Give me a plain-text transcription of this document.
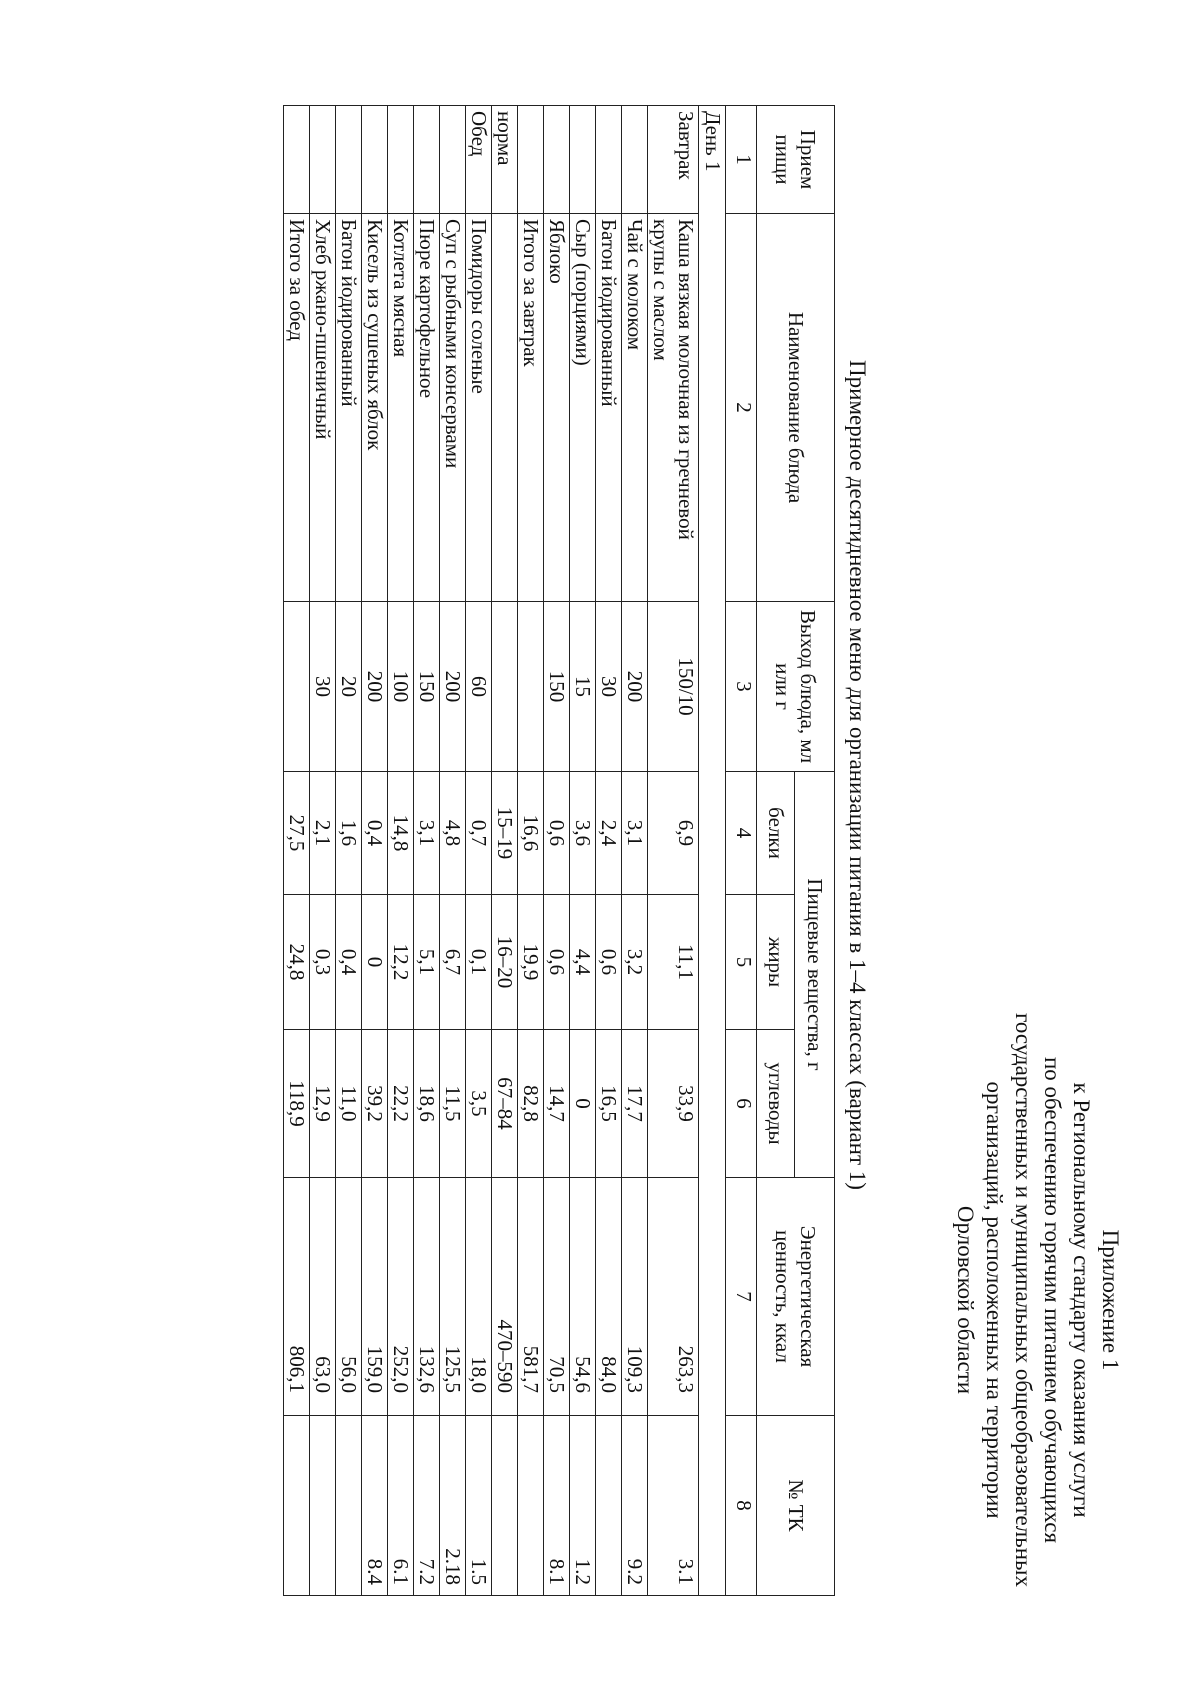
Приложение 1
к Региональному стандарту оказания услуги
по обеспечению горячим питанием обучающихся
государственных и муниципальных общеобразовательных
организаций, расположенных на территории
Орловской области
Примерное десятидневное меню для организации питания в 1–4 классах (вариант 1)
Прием пищи	Наименование блюда	Выход блюда, мл или г	Пищевые вещества, г			Энергетическая ценность, ккал	№ ТК
			белки	жиры	углеводы		
1	2	3	4	5	6	7	8
День 1							
Завтрак	Каша вязкая молочная из гречневой крупы с маслом	150/10	6,9	11,1	33,9	263,3	3.1
	Чай с молоком	200	3,1	3,2	17,7	109,3	9.2
	Батон йодированный	30	2,4	0,6	16,5	84,0	
	Сыр (порциями)	15	3,6	4,4	0	54,6	1.2
	Яблоко	150	0,6	0,6	14,7	70,5	8.1
	Итого за завтрак		16,6	19,9	82,8	581,7	
норма			15–19	16–20	67–84	470–590	
Обед	Помидоры соленые	60	0,7	0,1	3,5	18,0	1.5
	Суп с рыбными консервами	200	4,8	6,7	11,5	125,5	2.18
	Пюре картофельное	150	3,1	5,1	18,6	132,6	7.2
	Котлета мясная	100	14,8	12,2	22,2	252,0	6.1
	Кисель из сушеных яблок	200	0,4	0	39,2	159,0	8.4
	Батон йодированный	20	1,6	0,4	11,0	56,0	
	Хлеб ржано-пшеничный	30	2,1	0,3	12,9	63,0	
	Итого за обед		27,5	24,8	118,9	806,1	
